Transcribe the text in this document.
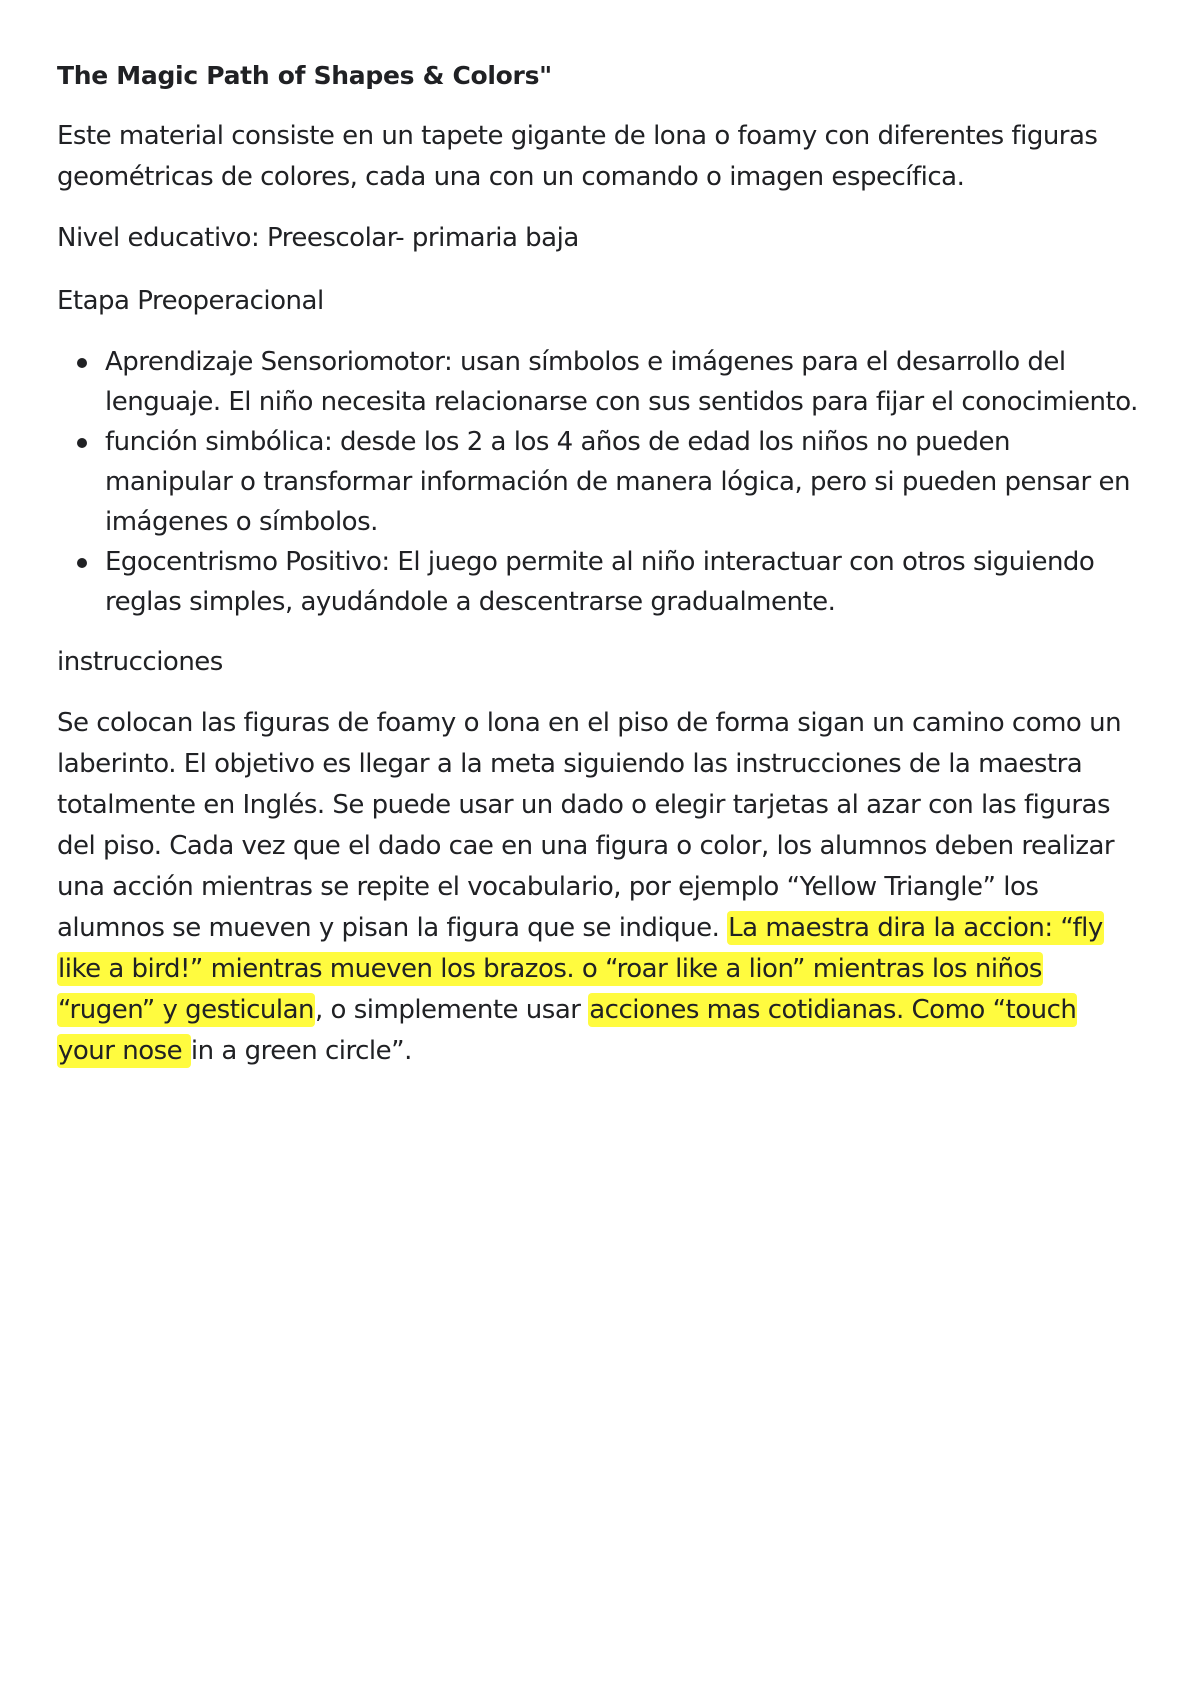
The Magic Path of Shapes & Colors"

Este material consiste en un tapete gigante de lona o foamy con diferentes figuras geométricas de colores, cada una con un comando o imagen específica.

Nivel educativo: Preescolar- primaria baja

Etapa Preoperacional

Aprendizaje Sensoriomotor: usan símbolos e imágenes para el desarrollo del lenguaje. El niño necesita relacionarse con sus sentidos para fijar el conocimiento.
función simbólica: desde los 2 a los 4 años de edad los niños no pueden manipular o transformar información de manera lógica, pero si pueden pensar en imágenes o símbolos.
Egocentrismo Positivo: El juego permite al niño interactuar con otros siguiendo reglas simples, ayudándole a descentrarse gradualmente.

instrucciones

Se colocan las figuras de foamy o lona en el piso de forma sigan un camino como un laberinto. El objetivo es llegar a la meta siguiendo las instrucciones de la maestra totalmente en Inglés. Se puede usar un dado o elegir tarjetas al azar con las figuras del piso. Cada vez que el dado cae en una figura o color, los alumnos deben realizar una acción mientras se repite el vocabulario, por ejemplo “Yellow Triangle” los alumnos se mueven y pisan la figura que se indique. La maestra dira la accion: “fly like a bird!” mientras mueven los brazos. o “roar like a lion” mientras los niños “rugen” y gesticulan, o simplemente usar acciones mas cotidianas. Como “touch your nose in a green circle”.
